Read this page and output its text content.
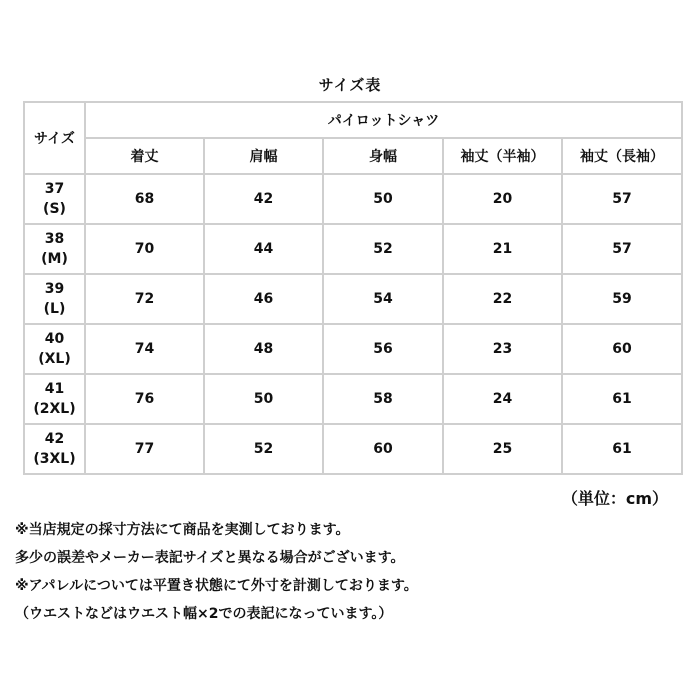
サイズ表
サイズ	パイロットシャツ				
	着丈	肩幅	身幅	袖丈（半袖）	袖丈（長袖）

37
(S)	68	42	50	20	57

38
(M)	70	44	52	21	57

39
(L)	72	46	54	22	59

40
(XL)	74	48	56	23	60

41
(2XL)	76	50	58	24	61

42
(3XL)	77	52	60	25	61
（単位：cm）
※当店規定の採寸方法にて商品を実測しております。
多少の誤差やメーカー表記サイズと異なる場合がございます。
※アパレルについては平置き状態にて外寸を計測しております。
（ウエストなどはウエスト幅×2での表記になっています。）
